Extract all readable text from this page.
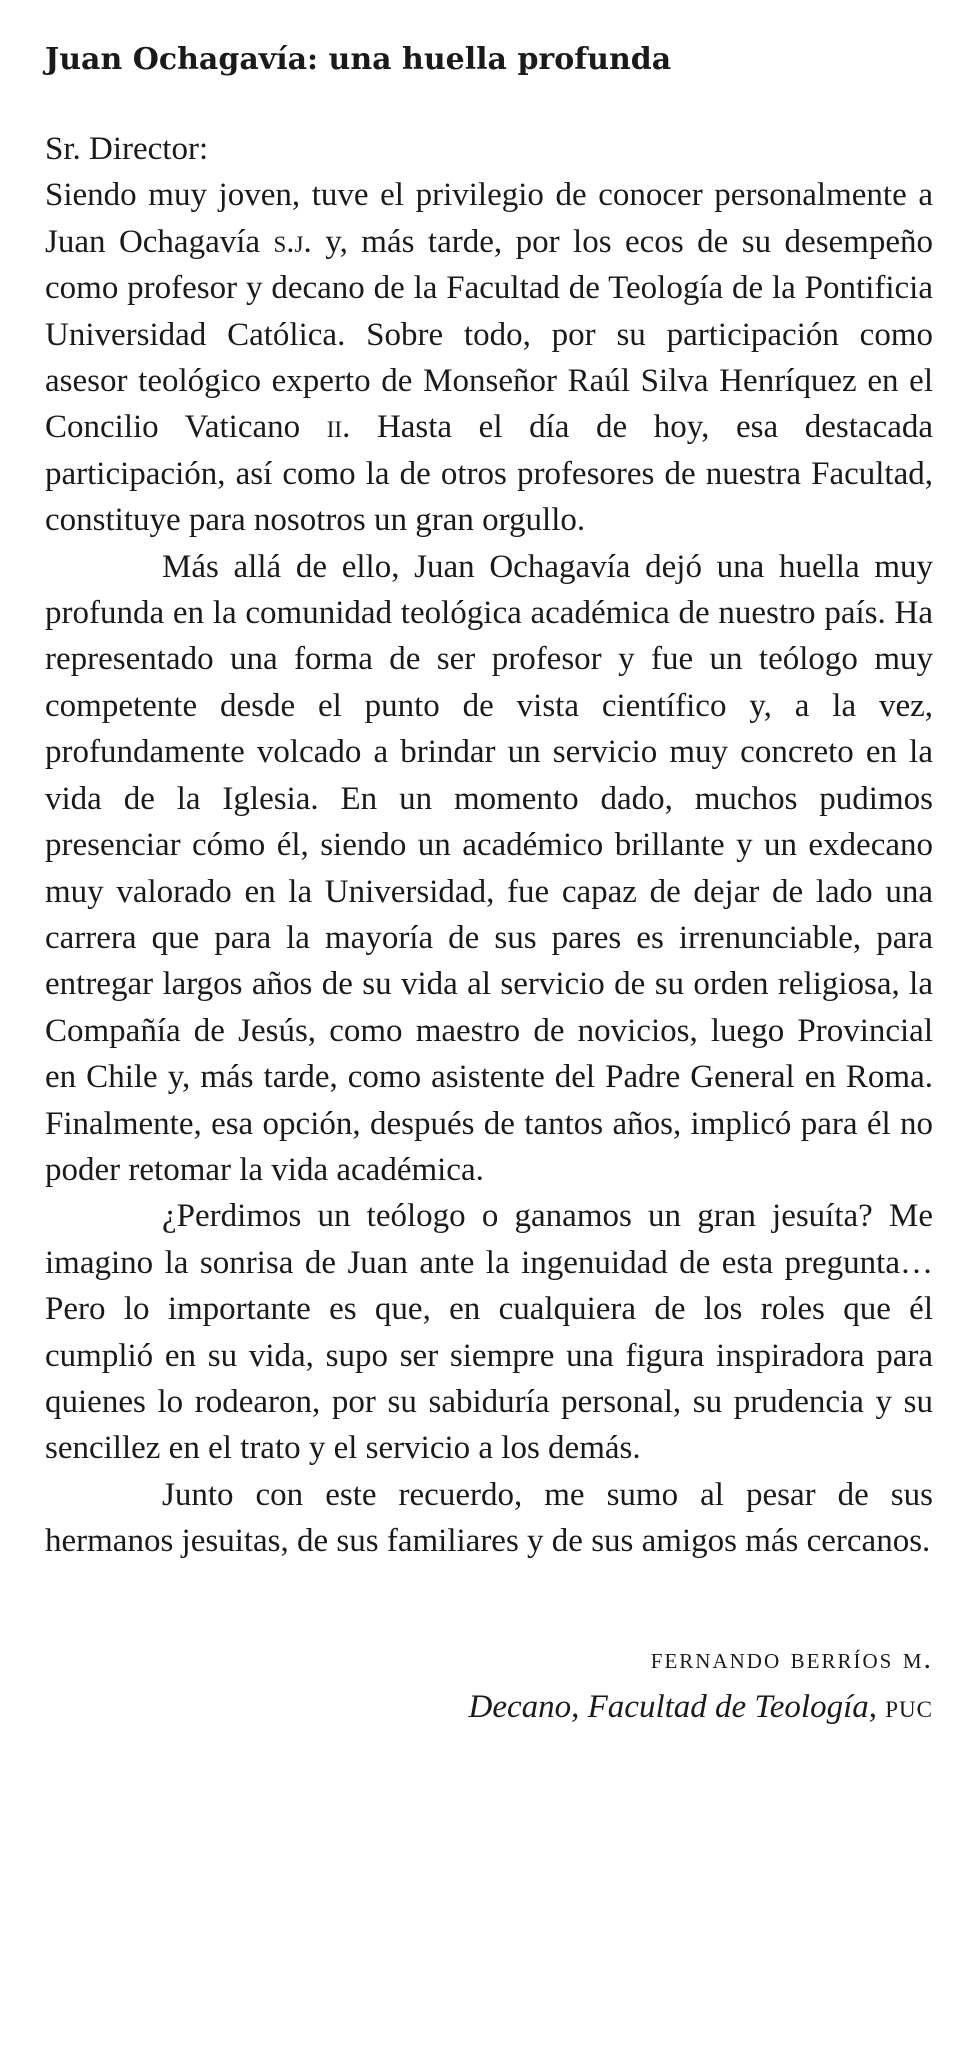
Juan Ochagavía: una huella profunda

Sr. Director:

Siendo muy joven, tuve el privilegio de conocer personalmente a Juan Ochagavía s.j. y, más tarde, por los ecos de su desempeño como profesor y decano de la Facultad de Teología de la Pontificia Universidad Católica. Sobre todo, por su participación como asesor teológico experto de Monseñor Raúl Silva Henríquez en el Concilio Vaticano ii. Hasta el día de hoy, esa destacada participación, así como la de otros profesores de nuestra Facultad, constituye para nosotros un gran orgullo.

Más allá de ello, Juan Ochagavía dejó una huella muy profunda en la comunidad teológica académica de nuestro país. Ha representado una forma de ser profesor y fue un teólogo muy competente desde el punto de vista científico y, a la vez, profundamente volcado a brindar un servicio muy concreto en la vida de la Iglesia. En un momento dado, muchos pudimos presenciar cómo él, siendo un académico brillante y un exdecano muy valorado en la Universidad, fue capaz de dejar de lado una carrera que para la mayoría de sus pares es irrenunciable, para entregar largos años de su vida al servicio de su orden religiosa, la Compañía de Jesús, como maestro de novicios, luego Provincial en Chile y, más tarde, como asistente del Padre General en Roma. Finalmente, esa opción, después de tantos años, implicó para él no poder retomar la vida académica.

¿Perdimos un teólogo o ganamos un gran jesuíta? Me imagino la sonrisa de Juan ante la ingenuidad de esta pregunta… Pero lo importante es que, en cualquiera de los roles que él cumplió en su vida, supo ser siempre una figura inspiradora para quienes lo rodearon, por su sabiduría personal, su prudencia y su sencillez en el trato y el servicio a los demás.

Junto con este recuerdo, me sumo al pesar de sus hermanos jesuitas, de sus familiares y de sus amigos más cercanos.

fernando berríos m.
Decano, Facultad de Teología, puc
